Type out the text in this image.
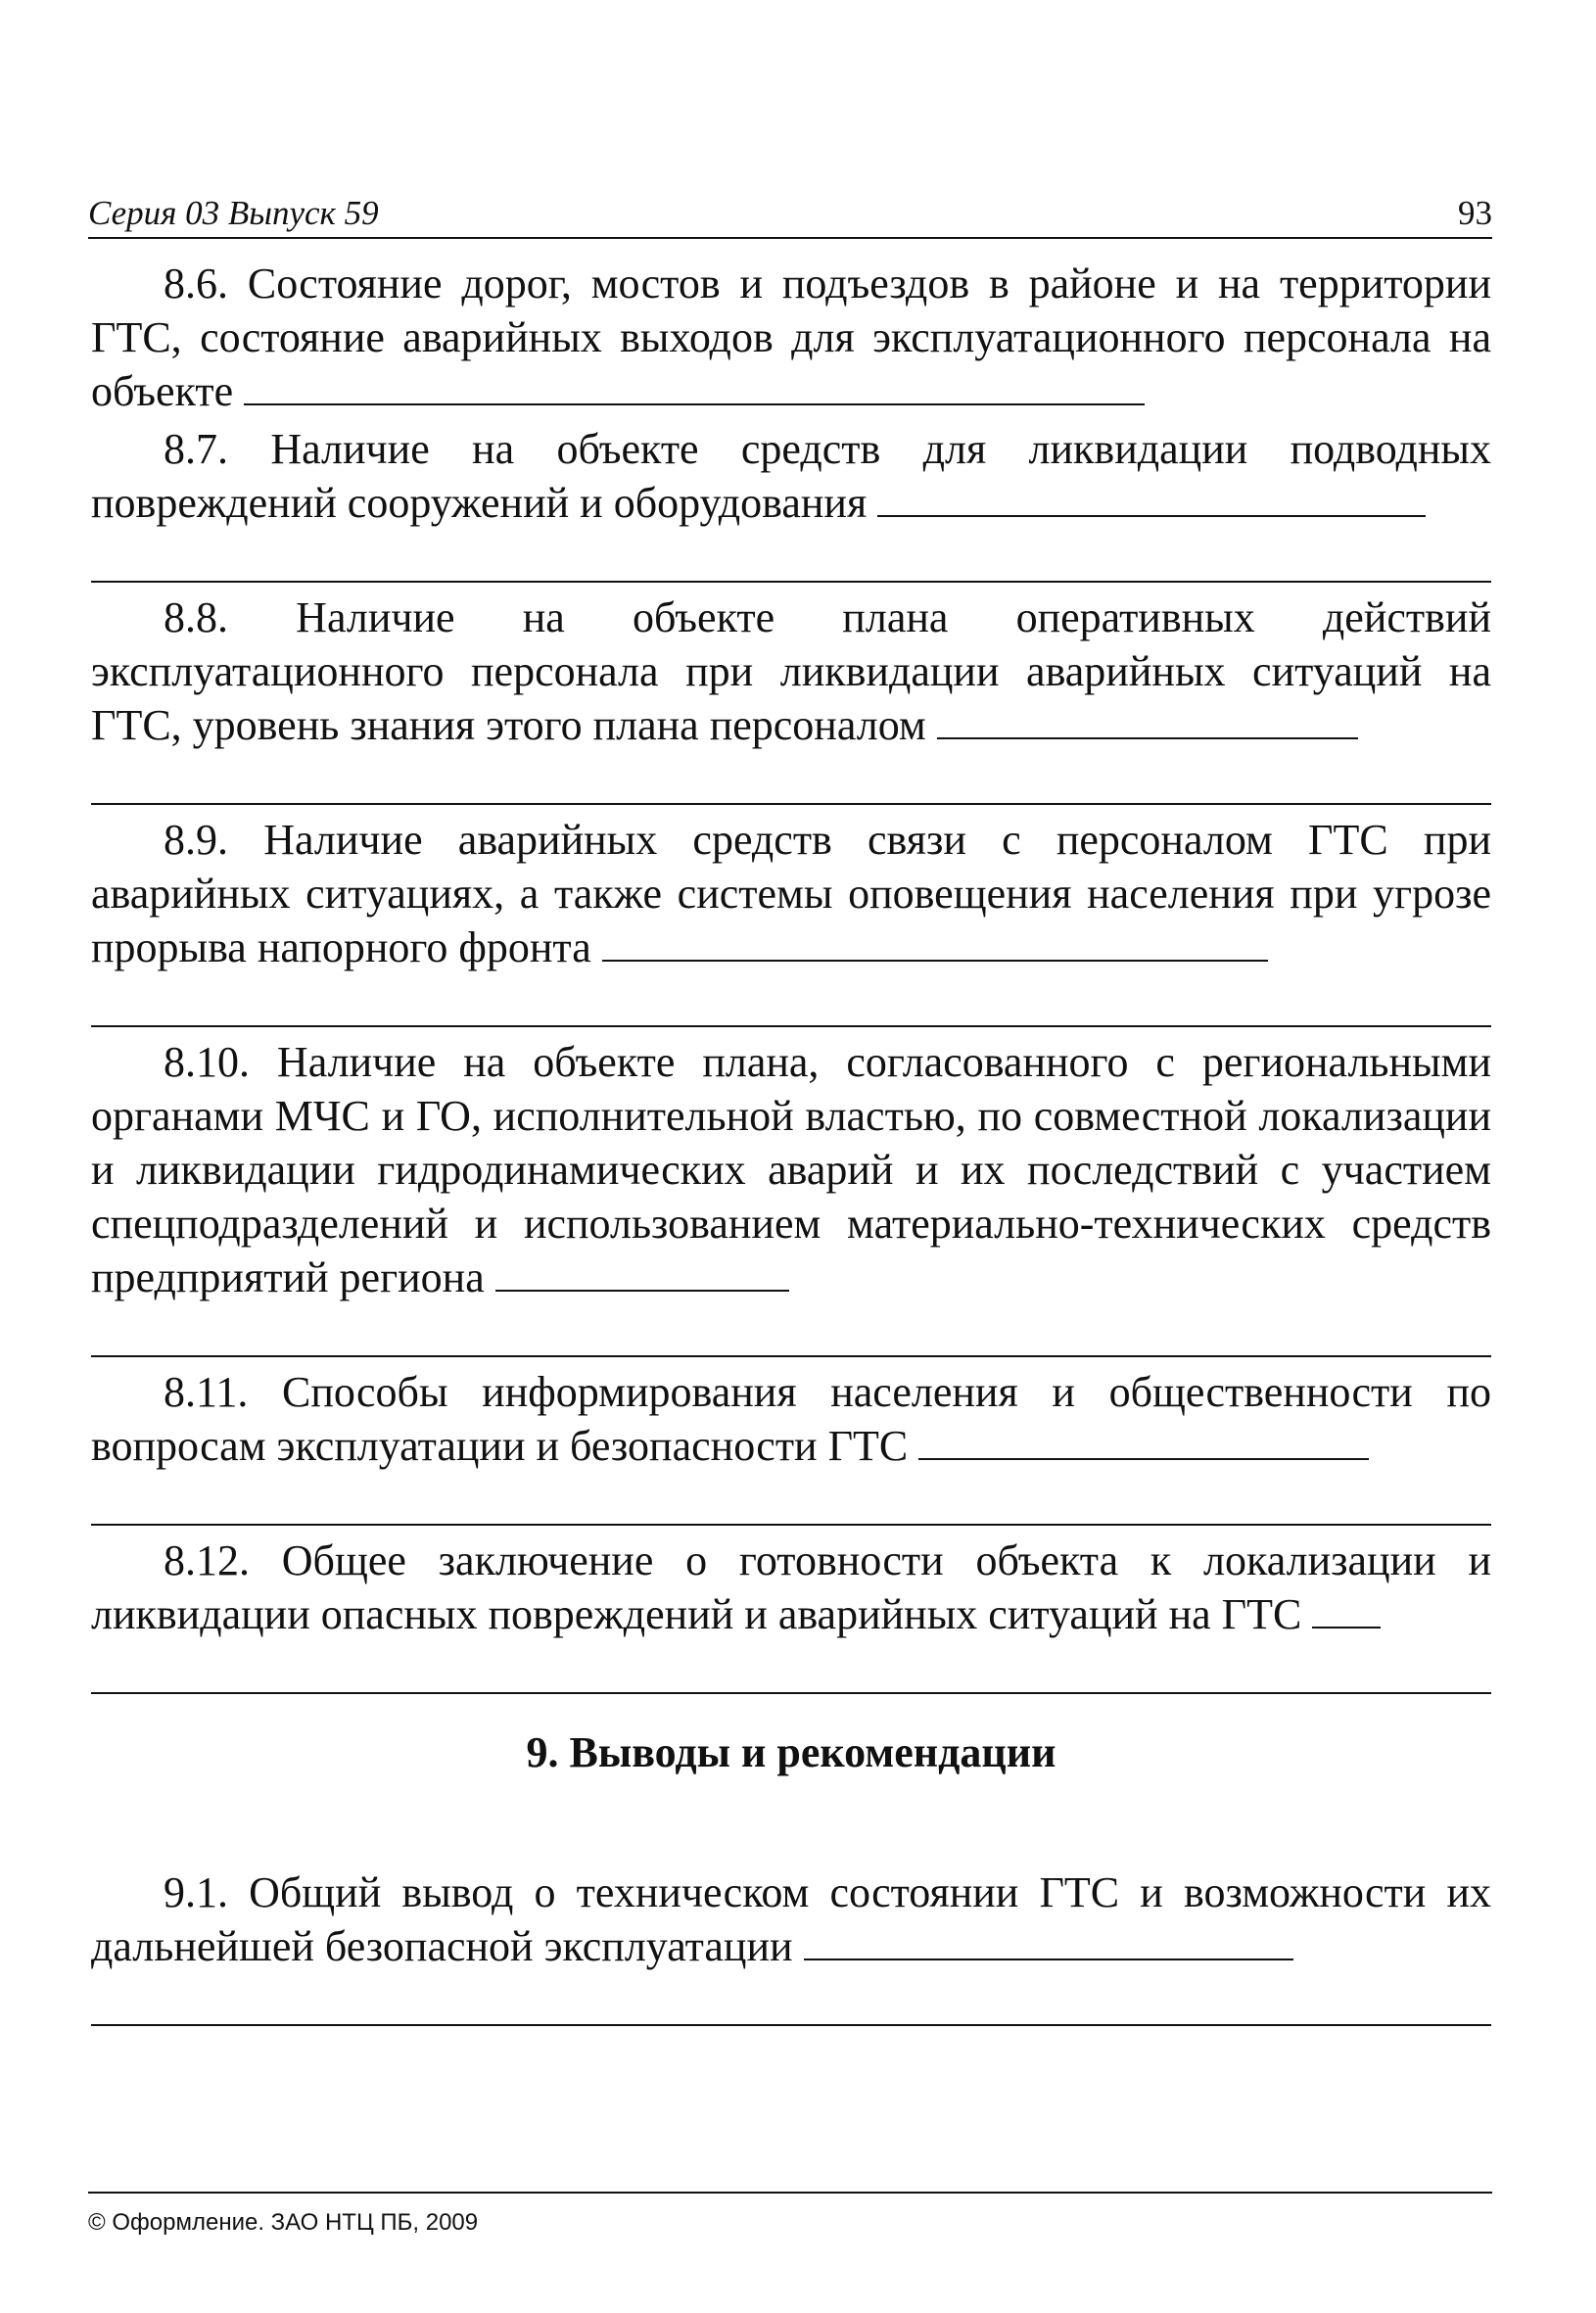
Серия 03 Выпуск 59	93

8.6. Состояние дорог, мостов и подъездов в районе и на территории ГТС, состояние аварийных выходов для эксплуатационного персонала на объекте

8.7. Наличие на объекте средств для ликвидации подводных повреждений сооружений и оборудования

8.8. Наличие на объекте плана оперативных действий эксплуатационного персонала при ликвидации аварийных ситуаций на ГТС, уровень знания этого плана персоналом

8.9. Наличие аварийных средств связи с персоналом ГТС при аварийных ситуациях, а также системы оповещения населения при угрозе прорыва напорного фронта

8.10. Наличие на объекте плана, согласованного с региональными органами МЧС и ГО, исполнительной властью, по совместной локализации и ликвидации гидродинамических аварий и их последствий с участием спецподразделений и использованием материально-технических средств предприятий региона

8.11. Способы информирования населения и общественности по вопросам эксплуатации и безопасности ГТС

8.12. Общее заключение о готовности объекта к локализации и ликвидации опасных повреждений и аварийных ситуаций на ГТС

9. Выводы и рекомендации

9.1. Общий вывод о техническом состоянии ГТС и возможности их дальнейшей безопасной эксплуатации

© Оформление. ЗАО НТЦ ПБ, 2009
